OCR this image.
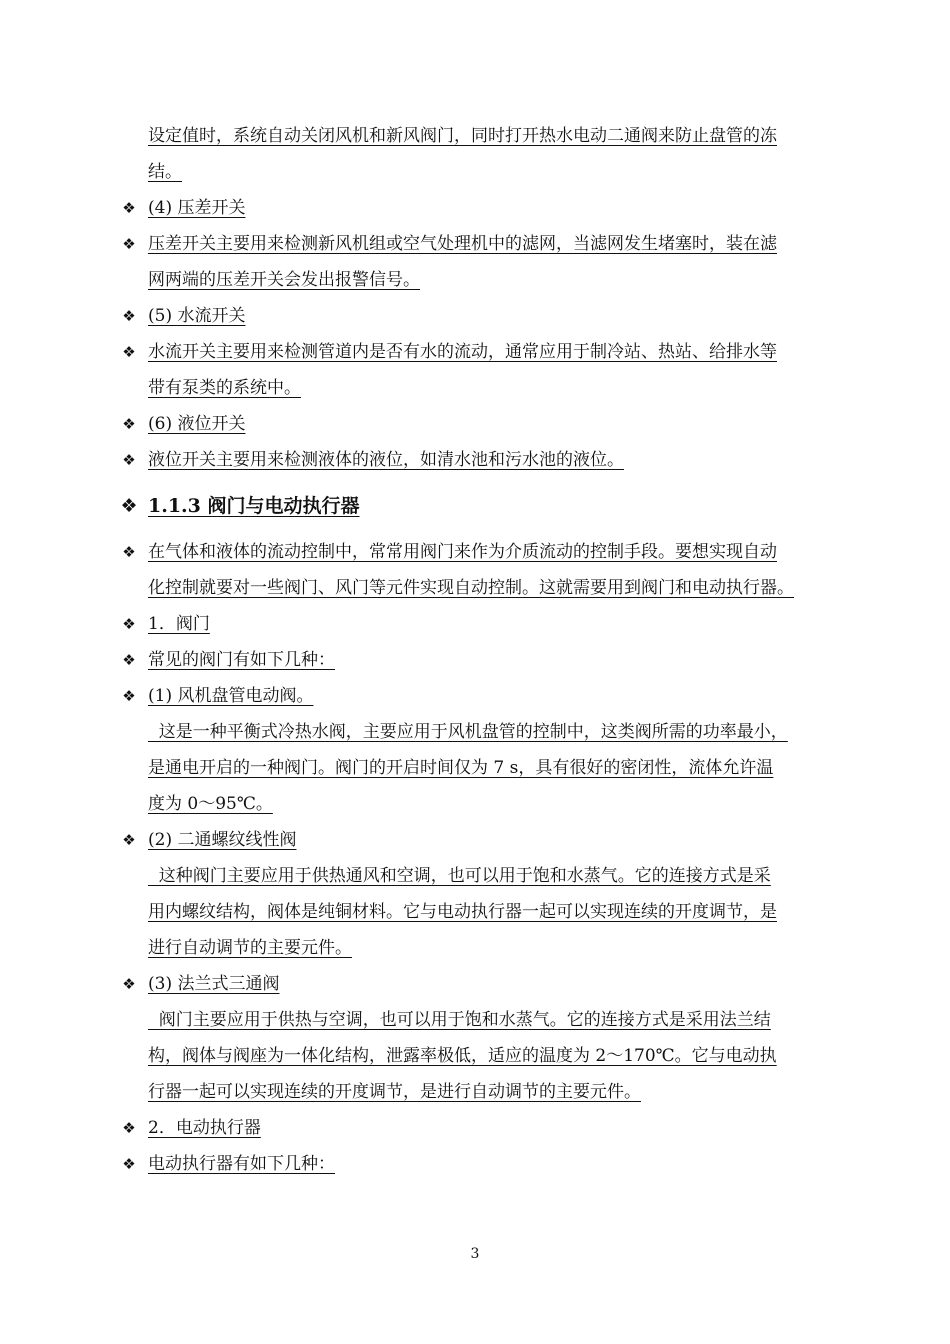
设定值时，系统自动关闭风机和新风阀门，同时打开热水电动二通阀来防止盘管的冻
结。
❖ (4) 压差开关
❖ 压差开关主要用来检测新风机组或空气处理机中的滤网，当滤网发生堵塞时，装在滤
网两端的压差开关会发出报警信号。
❖ (5) 水流开关
❖ 水流开关主要用来检测管道内是否有水的流动，通常应用于制冷站、热站、给排水等
带有泵类的系统中。
❖ (6) 液位开关
❖ 液位开关主要用来检测液体的液位，如清水池和污水池的液位。
❖ 1.1.3 阀门与电动执行器
❖ 在气体和液体的流动控制中，常常用阀门来作为介质流动的控制手段。要想实现自动
化控制就要对一些阀门、风门等元件实现自动控制。这就需要用到阀门和电动执行器。
❖ 1．阀门
❖ 常见的阀门有如下几种：
❖ (1) 风机盘管电动阀。
这是一种平衡式冷热水阀，主要应用于风机盘管的控制中，这类阀所需的功率最小，
是通电开启的一种阀门。阀门的开启时间仅为 7 s，具有很好的密闭性，流体允许温
度为 0～95℃。
❖ (2) 二通螺纹线性阀
这种阀门主要应用于供热通风和空调，也可以用于饱和水蒸气。它的连接方式是采
用内螺纹结构，阀体是纯铜材料。它与电动执行器一起可以实现连续的开度调节，是
进行自动调节的主要元件。
❖ (3) 法兰式三通阀
阀门主要应用于供热与空调，也可以用于饱和水蒸气。它的连接方式是采用法兰结
构，阀体与阀座为一体化结构，泄露率极低，适应的温度为 2～170℃。它与电动执
行器一起可以实现连续的开度调节，是进行自动调节的主要元件。
❖ 2．电动执行器
❖ 电动执行器有如下几种：
3
